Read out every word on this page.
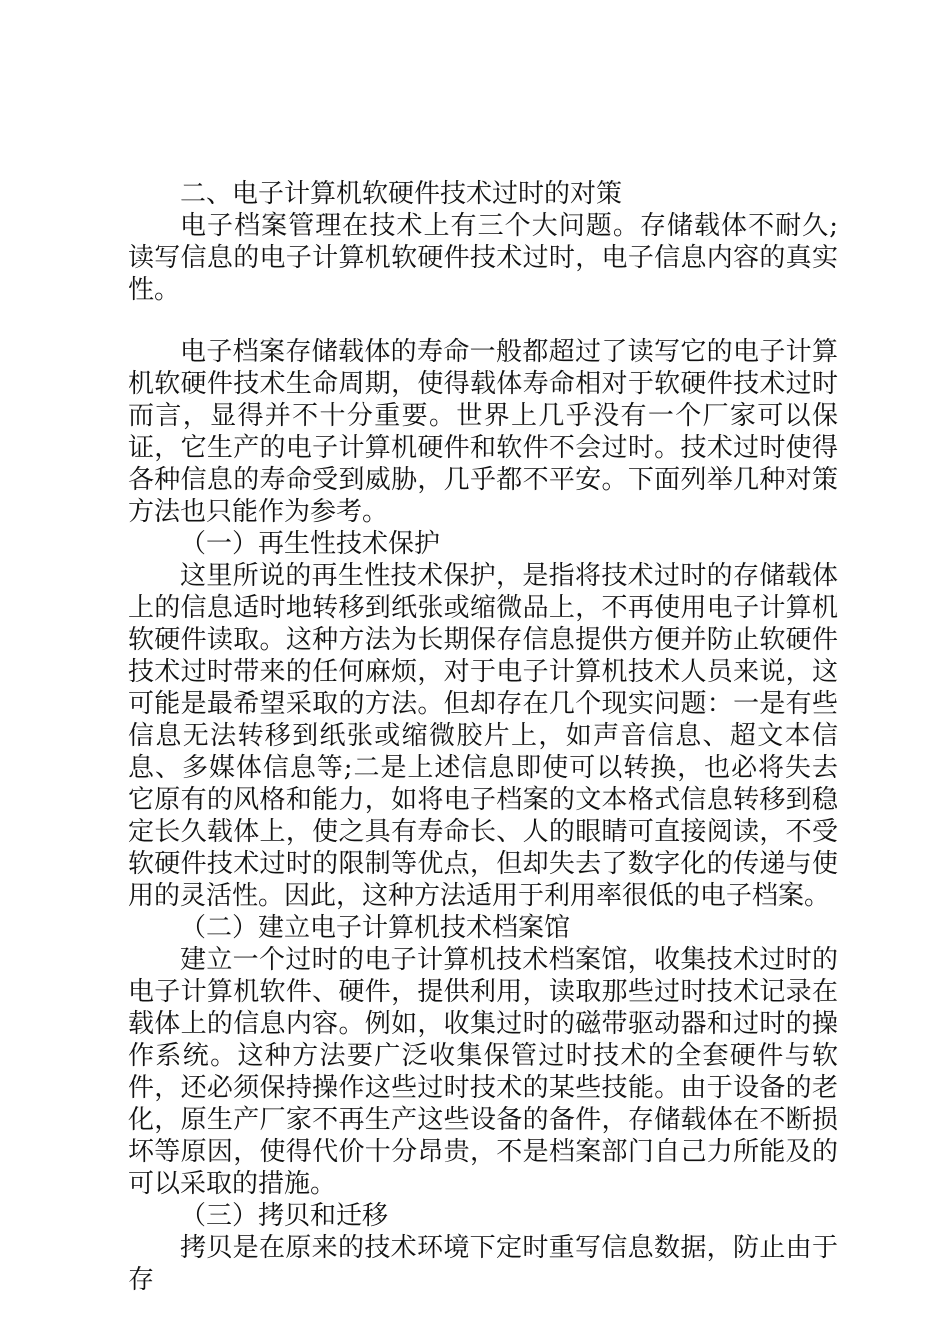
二、电子计算机软硬件技术过时的对策

电子档案管理在技术上有三个大问题。存储载体不耐久;读写信息的电子计算机软硬件技术过时，电子信息内容的真实性。

电子档案存储载体的寿命一般都超过了读写它的电子计算机软硬件技术生命周期，使得载体寿命相对于软硬件技术过时而言，显得并不十分重要。世界上几乎没有一个厂家可以保证，它生产的电子计算机硬件和软件不会过时。技术过时使得各种信息的寿命受到威胁，几乎都不平安。下面列举几种对策方法也只能作为参考。

（一）再生性技术保护

这里所说的再生性技术保护，是指将技术过时的存储载体上的信息适时地转移到纸张或缩微品上，不再使用电子计算机软硬件读取。这种方法为长期保存信息提供方便并防止软硬件技术过时带来的任何麻烦，对于电子计算机技术人员来说，这可能是最希望采取的方法。但却存在几个现实问题：一是有些信息无法转移到纸张或缩微胶片上，如声音信息、超文本信息、多媒体信息等;二是上述信息即使可以转换，也必将失去它原有的风格和能力，如将电子档案的文本格式信息转移到稳定长久载体上，使之具有寿命长、人的眼睛可直接阅读，不受软硬件技术过时的限制等优点，但却失去了数字化的传递与使用的灵活性。因此，这种方法适用于利用率很低的电子档案。

（二）建立电子计算机技术档案馆

建立一个过时的电子计算机技术档案馆，收集技术过时的电子计算机软件、硬件，提供利用，读取那些过时技术记录在载体上的信息内容。例如，收集过时的磁带驱动器和过时的操作系统。这种方法要广泛收集保管过时技术的全套硬件与软件，还必须保持操作这些过时技术的某些技能。由于设备的老化，原生产厂家不再生产这些设备的备件，存储载体在不断损坏等原因，使得代价十分昂贵，不是档案部门自己力所能及的可以采取的措施。

（三）拷贝和迁移

拷贝是在原来的技术环境下定时重写信息数据，防止由于存
